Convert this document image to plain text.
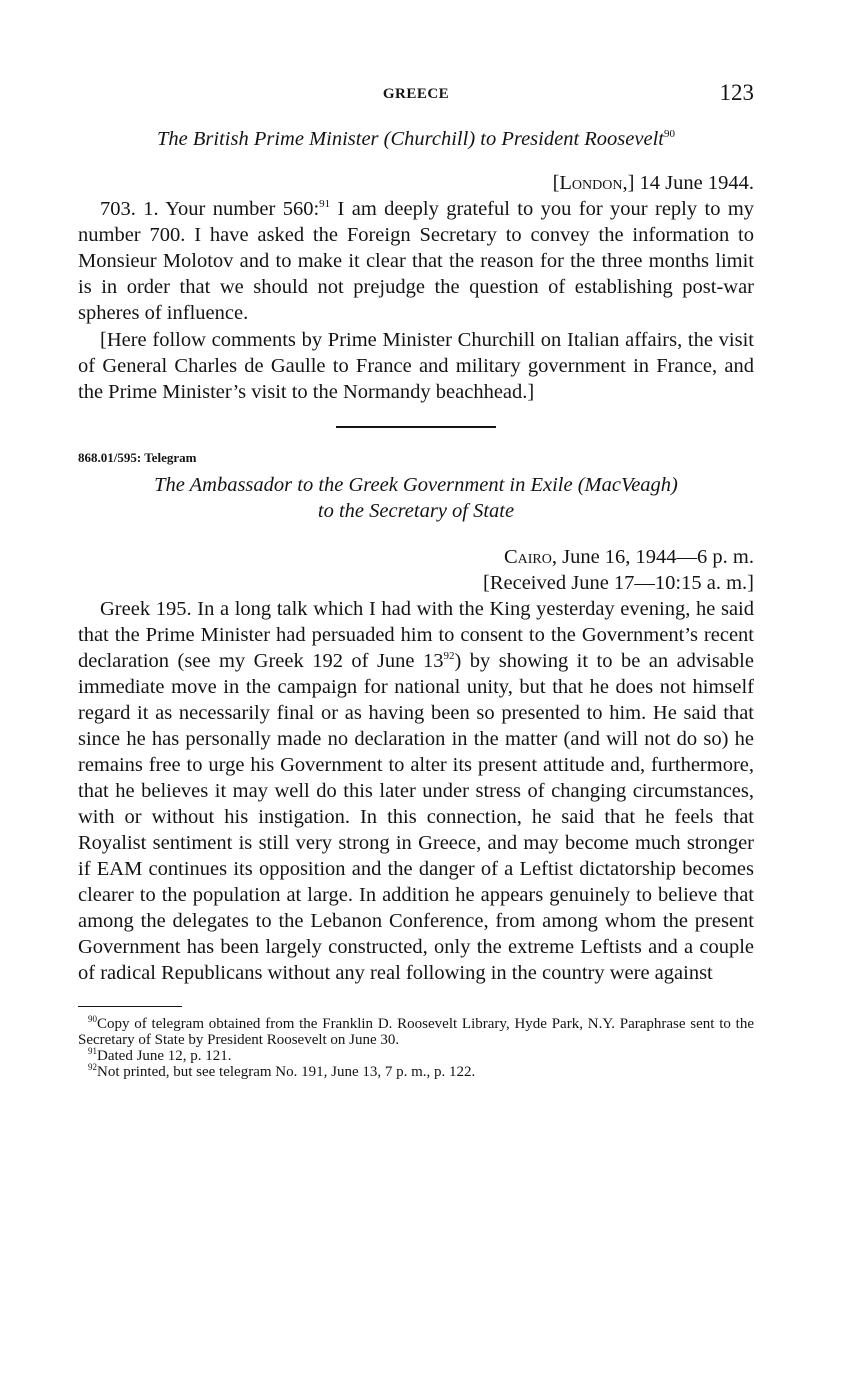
GREECE	123
The British Prime Minister (Churchill) to President Roosevelt$^{90}$
[London,] 14 June 1944.

703. 1. Your number 560:$^{91}$ I am deeply grateful to you for your reply to my number 700. I have asked the Foreign Secretary to convey the information to Monsieur Molotov and to make it clear that the reason for the three months limit is in order that we should not prejudge the question of establishing post-war spheres of influence.

[Here follow comments by Prime Minister Churchill on Italian affairs, the visit of General Charles de Gaulle to France and military government in France, and the Prime Minister’s visit to the Normandy beachhead.]

868.01/595: Telegram
The Ambassador to the Greek Government in Exile (MacVeagh)
to the Secretary of State
Cairo, June 16, 1944—6 p. m.
[Received June 17—10:15 a. m.]

Greek 195. In a long talk which I had with the King yesterday evening, he said that the Prime Minister had persuaded him to consent to the Government’s recent declaration (see my Greek 192 of June $13^{92}$) by showing it to be an advisable immediate move in the campaign for national unity, but that he does not himself regard it as necessarily final or as having been so presented to him. He said that since he has personally made no declaration in the matter (and will not do so) he remains free to urge his Government to alter its present attitude and, furthermore, that he believes it may well do this later under stress of changing circumstances, with or without his instigation. In this connection, he said that he feels that Royalist sentiment is still very strong in Greece, and may become much stronger if EAM continues its opposition and the danger of a Leftist dictatorship becomes clearer to the population at large. In addition he appears genuinely to believe that among the delegates to the Lebanon Conference, from among whom the present Government has been largely constructed, only the extreme Leftists and a couple of radical Republicans without any real following in the country were against

$^{90}$Copy of telegram obtained from the Franklin D. Roosevelt Library, Hyde Park, N.Y. Paraphrase sent to the Secretary of State by President Roosevelt on June 30.

$^{91}$Dated June 12, p. 121.

$^{92}$Not printed, but see telegram No. 191, June 13, 7 p. m., p. 122.
